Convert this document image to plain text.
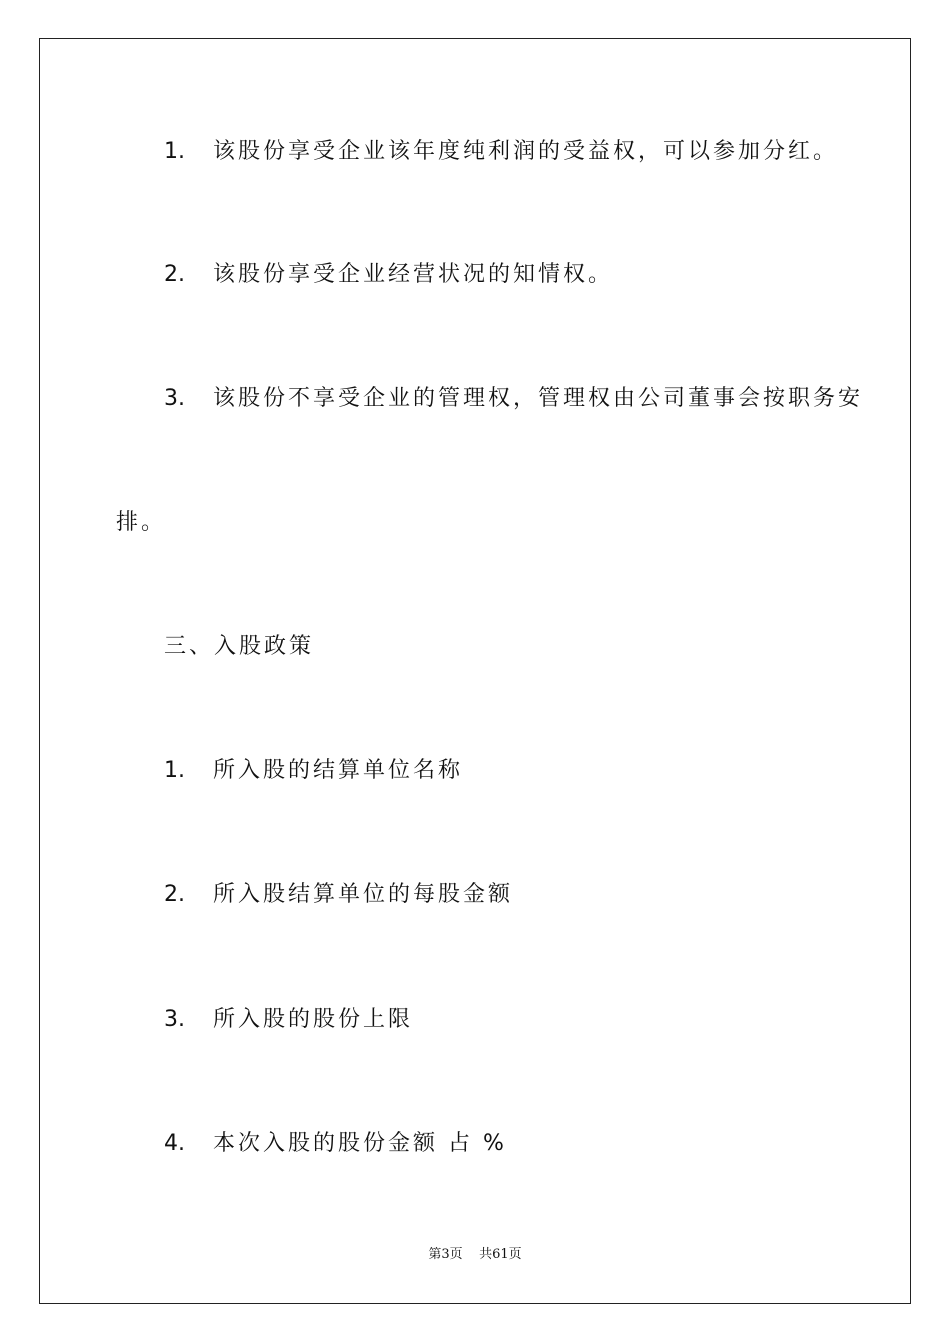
1. 该股份享受企业该年度纯利润的受益权，可以参加分红。
2. 该股份享受企业经营状况的知情权。
3. 该股份不享受企业的管理权，管理权由公司董事会按职务安
排。
三、入股政策
1. 所入股的结算单位名称
2. 所入股结算单位的每股金额
3. 所入股的股份上限
4. 本次入股的股份金额 占 %
第3页    共61页
